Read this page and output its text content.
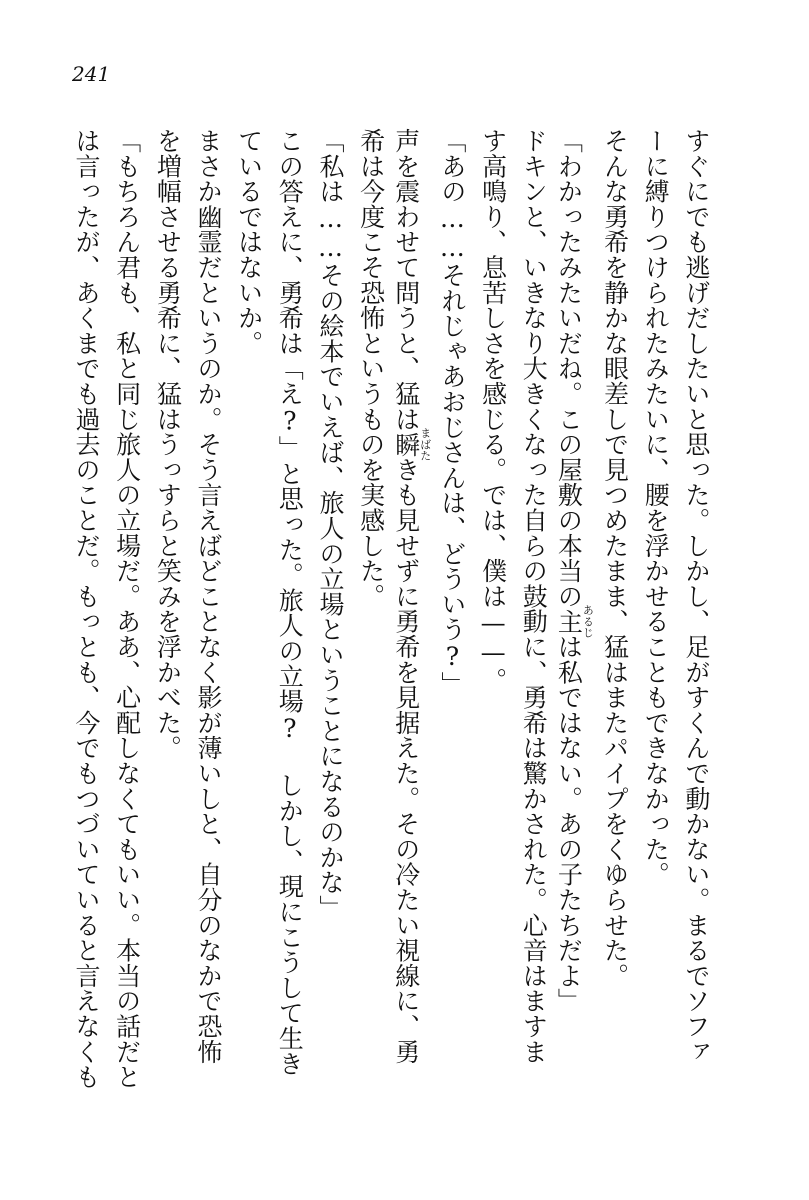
241
すぐにでも逃げだしたいと思った。しかし、足がすくんで動かない。まるでソファ
ーに縛りつけられたみたいに、腰を浮かせることもできなかった。
そんな勇希を静かな眼差しで見つめたまま、猛はまたパイプをくゆらせた。
「わかったみたいだね。この屋敷の本当の主あるじは私ではない。あの子たちだよ」
ドキンと、いきなり大きくなった自らの鼓動に、勇希は驚かされた。心音はますま
す高鳴り、息苦しさを感じる。では、僕は——。
「あの……それじゃあおじさんは、どういう?」
声を震わせて問うと、猛は瞬まばたきも見せずに勇希を見据えた。その冷たい視線に、勇
希は今度こそ恐怖というものを実感した。
「私は……その絵本でいえば、旅人の立場ということになるのかな」
この答えに、勇希は「え?」と思った。旅人の立場? しかし、現にこうして生き
ているではないか。
まさか幽霊だというのか。そう言えばどことなく影が薄いしと、自分のなかで恐怖
を増幅させる勇希に、猛はうっすらと笑みを浮かべた。
「もちろん君も、私と同じ旅人の立場だ。ああ、心配しなくてもいい。本当の話だと
は言ったが、あくまでも過去のことだ。もっとも、今でもつづいていると言えなくも
